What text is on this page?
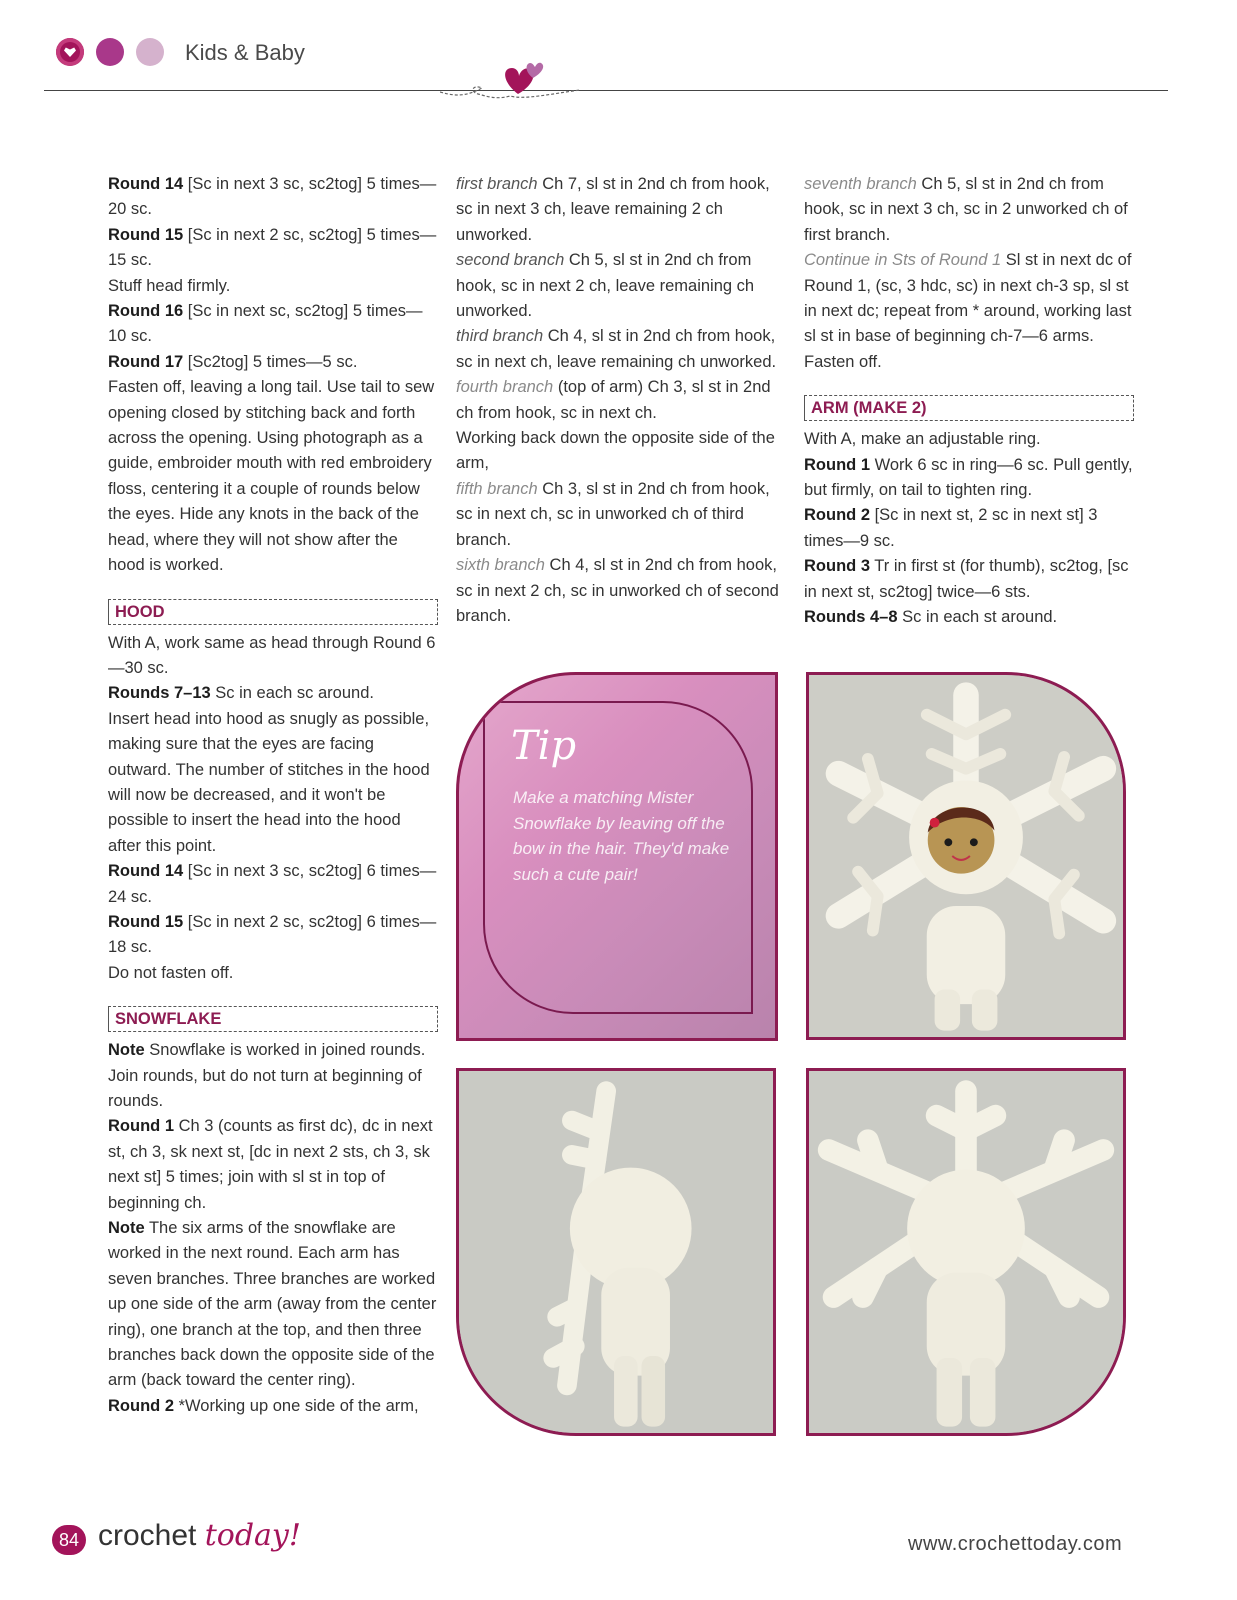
Kids & Baby

Round 14 [Sc in next 3 sc, sc2tog] 5 times—20 sc.

Round 15 [Sc in next 2 sc, sc2tog] 5 times—15 sc.

Stuff head firmly.

Round 16 [Sc in next sc, sc2tog] 5 times—10 sc.

Round 17 [Sc2tog] 5 times—5 sc.

Fasten off, leaving a long tail. Use tail to sew opening closed by stitching back and forth across the opening. Using photograph as a guide, embroider mouth with red embroidery floss, centering it a couple of rounds below the eyes. Hide any knots in the back of the head, where they will not show after the hood is worked.

HOOD

With A, work same as head through Round 6—30 sc.

Rounds 7–13 Sc in each sc around.

Insert head into hood as snugly as possible, making sure that the eyes are facing outward. The number of stitches in the hood will now be decreased, and it won't be possible to insert the head into the hood after this point.

Round 14 [Sc in next 3 sc, sc2tog] 6 times—24 sc.

Round 15 [Sc in next 2 sc, sc2tog] 6 times—18 sc.

Do not fasten off.

SNOWFLAKE

Note Snowflake is worked in joined rounds. Join rounds, but do not turn at beginning of rounds.

Round 1 Ch 3 (counts as first dc), dc in next st, ch 3, sk next st, [dc in next 2 sts, ch 3, sk next st] 5 times; join with sl st in top of beginning ch.

Note The six arms of the snowflake are worked in the next round. Each arm has seven branches. Three branches are worked up one side of the arm (away from the center ring), one branch at the top, and then three branches back down the opposite side of the arm (back toward the center ring).

Round 2 *Working up one side of the arm,

first branch Ch 7, sl st in 2nd ch from hook, sc in next 3 ch, leave remaining 2 ch unworked.

second branch Ch 5, sl st in 2nd ch from hook, sc in next 2 ch, leave remaining ch unworked.

third branch Ch 4, sl st in 2nd ch from hook, sc in next ch, leave remaining ch unworked.

fourth branch (top of arm) Ch 3, sl st in 2nd ch from hook, sc in next ch.

Working back down the opposite side of the arm,

fifth branch Ch 3, sl st in 2nd ch from hook, sc in next ch, sc in unworked ch of third branch.

sixth branch Ch 4, sl st in 2nd ch from hook, sc in next 2 ch, sc in unworked ch of second branch.

seventh branch Ch 5, sl st in 2nd ch from hook, sc in next 3 ch, sc in 2 unworked ch of first branch.

Continue in Sts of Round 1 Sl st in next dc of Round 1, (sc, 3 hdc, sc) in next ch-3 sp, sl st in next dc; repeat from * around, working last sl st in base of beginning ch-7—6 arms. Fasten off.

ARM (MAKE 2)

With A, make an adjustable ring.

Round 1 Work 6 sc in ring—6 sc. Pull gently, but firmly, on tail to tighten ring.

Round 2 [Sc in next st, 2 sc in next st] 3 times—9 sc.

Round 3 Tr in first st (for thumb), sc2tog, [sc in next st, sc2tog] twice—6 sts.

Rounds 4–8 Sc in each st around.

Tip
Make a matching Mister Snowflake by leaving off the bow in the hair. They'd make such a cute pair!
84 crochet today!	www.crochettoday.com
